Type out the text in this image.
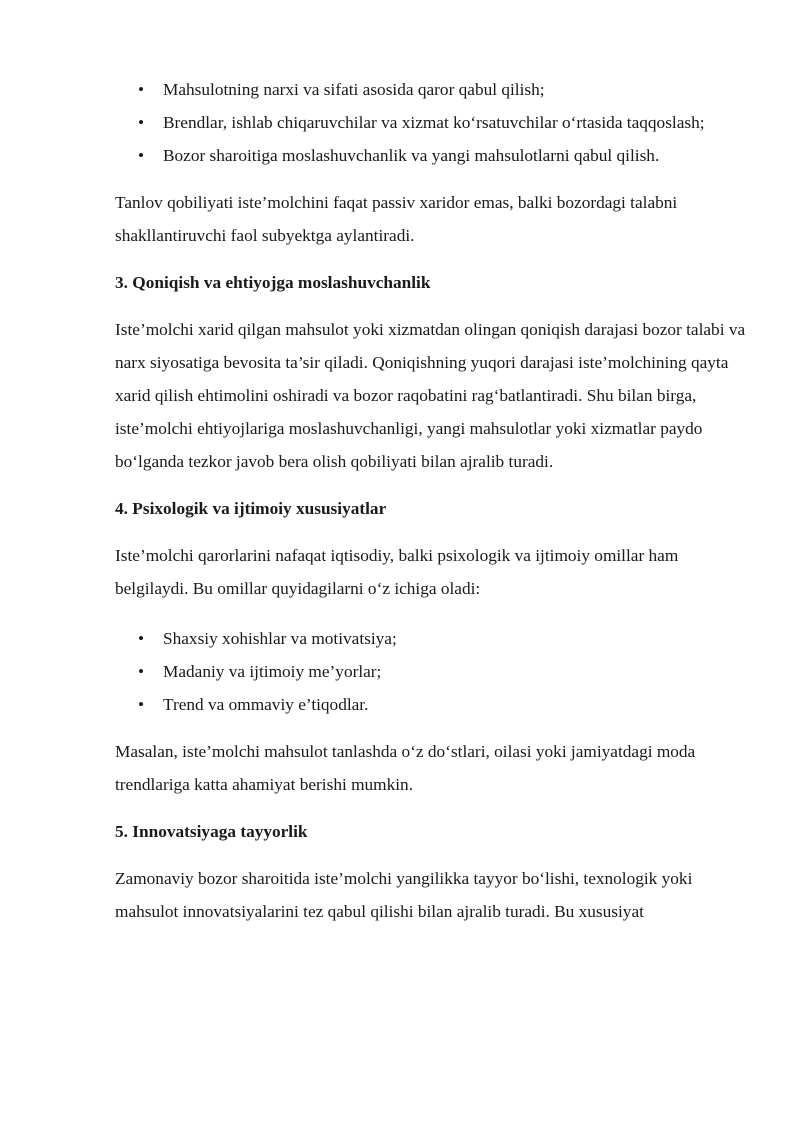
• Mahsulotning narxi va sifati asosida qaror qabul qilish;
• Brendlar, ishlab chiqaruvchilar va xizmat ko‘rsatuvchilar o‘rtasida taqqoslash;
• Bozor sharoitiga moslashuvchanlik va yangi mahsulotlarni qabul qilish.

Tanlov qobiliyati iste’molchini faqat passiv xaridor emas, balki bozordagi talabni shakllantiruvchi faol subyektga aylantiradi.

3. Qoniqish va ehtiyojga moslashuvchanlik

Iste’molchi xarid qilgan mahsulot yoki xizmatdan olingan qoniqish darajasi bozor talabi va narx siyosatiga bevosita ta’sir qiladi. Qoniqishning yuqori darajasi iste’molchining qayta xarid qilish ehtimolini oshiradi va bozor raqobatini rag‘batlantiradi. Shu bilan birga, iste’molchi ehtiyojlariga moslashuvchanligi, yangi mahsulotlar yoki xizmatlar paydo bo‘lganda tezkor javob bera olish qobiliyati bilan ajralib turadi.

4. Psixologik va ijtimoiy xususiyatlar

Iste’molchi qarorlarini nafaqat iqtisodiy, balki psixologik va ijtimoiy omillar ham belgilaydi. Bu omillar quyidagilarni o‘z ichiga oladi:

• Shaxsiy xohishlar va motivatsiya;
• Madaniy va ijtimoiy me’yorlar;
• Trend va ommaviy e’tiqodlar.

Masalan, iste’molchi mahsulot tanlashda o‘z do‘stlari, oilasi yoki jamiyatdagi moda trendlariga katta ahamiyat berishi mumkin.

5. Innovatsiyaga tayyorlik

Zamonaviy bozor sharoitida iste’molchi yangilikka tayyor bo‘lishi, texnologik yoki mahsulot innovatsiyalarini tez qabul qilishi bilan ajralib turadi. Bu xususiyat
